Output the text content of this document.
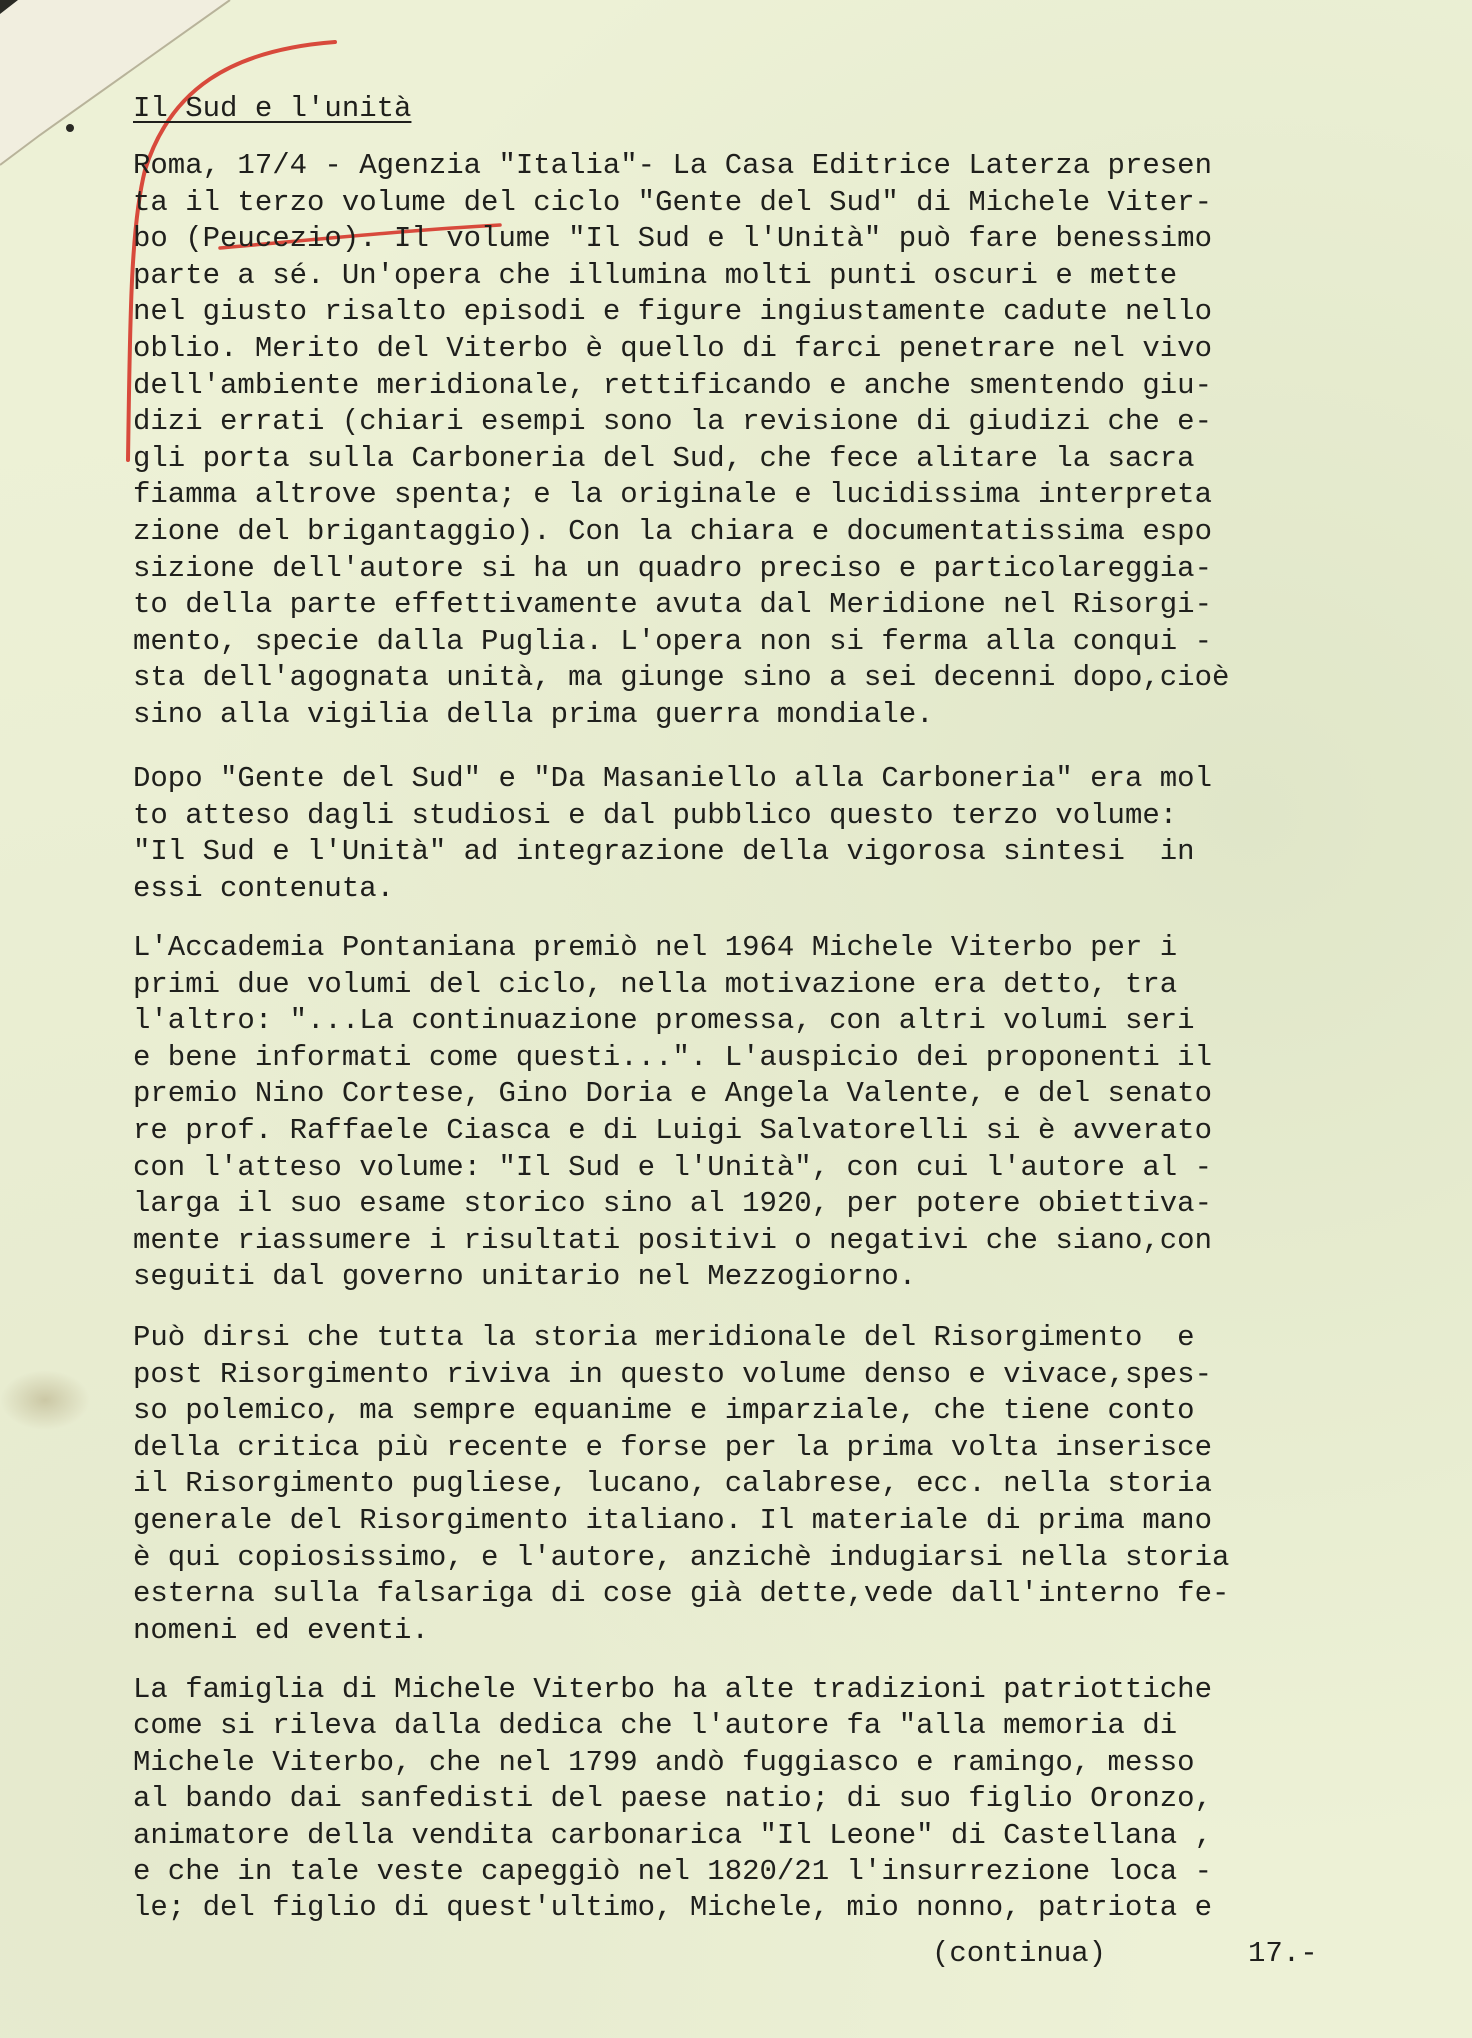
Il Sud e l'unità

Roma, 17/4 - Agenzia "Italia"- La Casa Editrice Laterza presen
ta il terzo volume del ciclo "Gente del Sud" di Michele Viter-
bo (Peucezio). Il volume "Il Sud e l'Unità" può fare benessimo
parte a sé. Un'opera che illumina molti punti oscuri e mette
nel giusto risalto episodi e figure ingiustamente cadute nello
oblio. Merito del Viterbo è quello di farci penetrare nel vivo
dell'ambiente meridionale, rettificando e anche smentendo giu-
dizi errati (chiari esempi sono la revisione di giudizi che e-
gli porta sulla Carboneria del Sud, che fece alitare la sacra
fiamma altrove spenta; e la originale e lucidissima interpreta
zione del brigantaggio). Con la chiara e documentatissima espo
sizione dell'autore si ha un quadro preciso e particolareggia-
to della parte effettivamente avuta dal Meridione nel Risorgi-
mento, specie dalla Puglia. L'opera non si ferma alla conqui -
sta dell'agognata unità, ma giunge sino a sei decenni dopo,cioè
sino alla vigilia della prima guerra mondiale.

Dopo "Gente del Sud" e "Da Masaniello alla Carboneria" era mol
to atteso dagli studiosi e dal pubblico questo terzo volume:
"Il Sud e l'Unità" ad integrazione della vigorosa sintesi  in
essi contenuta.

L'Accademia Pontaniana premiò nel 1964 Michele Viterbo per i
primi due volumi del ciclo, nella motivazione era detto, tra
l'altro: "...La continuazione promessa, con altri volumi seri
e bene informati come questi...". L'auspicio dei proponenti il
premio Nino Cortese, Gino Doria e Angela Valente, e del senato
re prof. Raffaele Ciasca e di Luigi Salvatorelli si è avverato
con l'atteso volume: "Il Sud e l'Unità", con cui l'autore al -
larga il suo esame storico sino al 1920, per potere obiettiva-
mente riassumere i risultati positivi o negativi che siano,con
seguiti dal governo unitario nel Mezzogiorno.

Può dirsi che tutta la storia meridionale del Risorgimento  e
post Risorgimento riviva in questo volume denso e vivace,spes-
so polemico, ma sempre equanime e imparziale, che tiene conto
della critica più recente e forse per la prima volta inserisce
il Risorgimento pugliese, lucano, calabrese, ecc. nella storia
generale del Risorgimento italiano. Il materiale di prima mano
è qui copiosissimo, e l'autore, anzichè indugiarsi nella storia
esterna sulla falsariga di cose già dette,vede dall'interno fe-
nomeni ed eventi.

La famiglia di Michele Viterbo ha alte tradizioni patriottiche
come si rileva dalla dedica che l'autore fa "alla memoria di
Michele Viterbo, che nel 1799 andò fuggiasco e ramingo, messo
al bando dai sanfedisti del paese natio; di suo figlio Oronzo,
animatore della vendita carbonarica "Il Leone" di Castellana ,
e che in tale veste capeggiò nel 1820/21 l'insurrezione loca -
le; del figlio di quest'ultimo, Michele, mio nonno, patriota e

(continua)	17.-
